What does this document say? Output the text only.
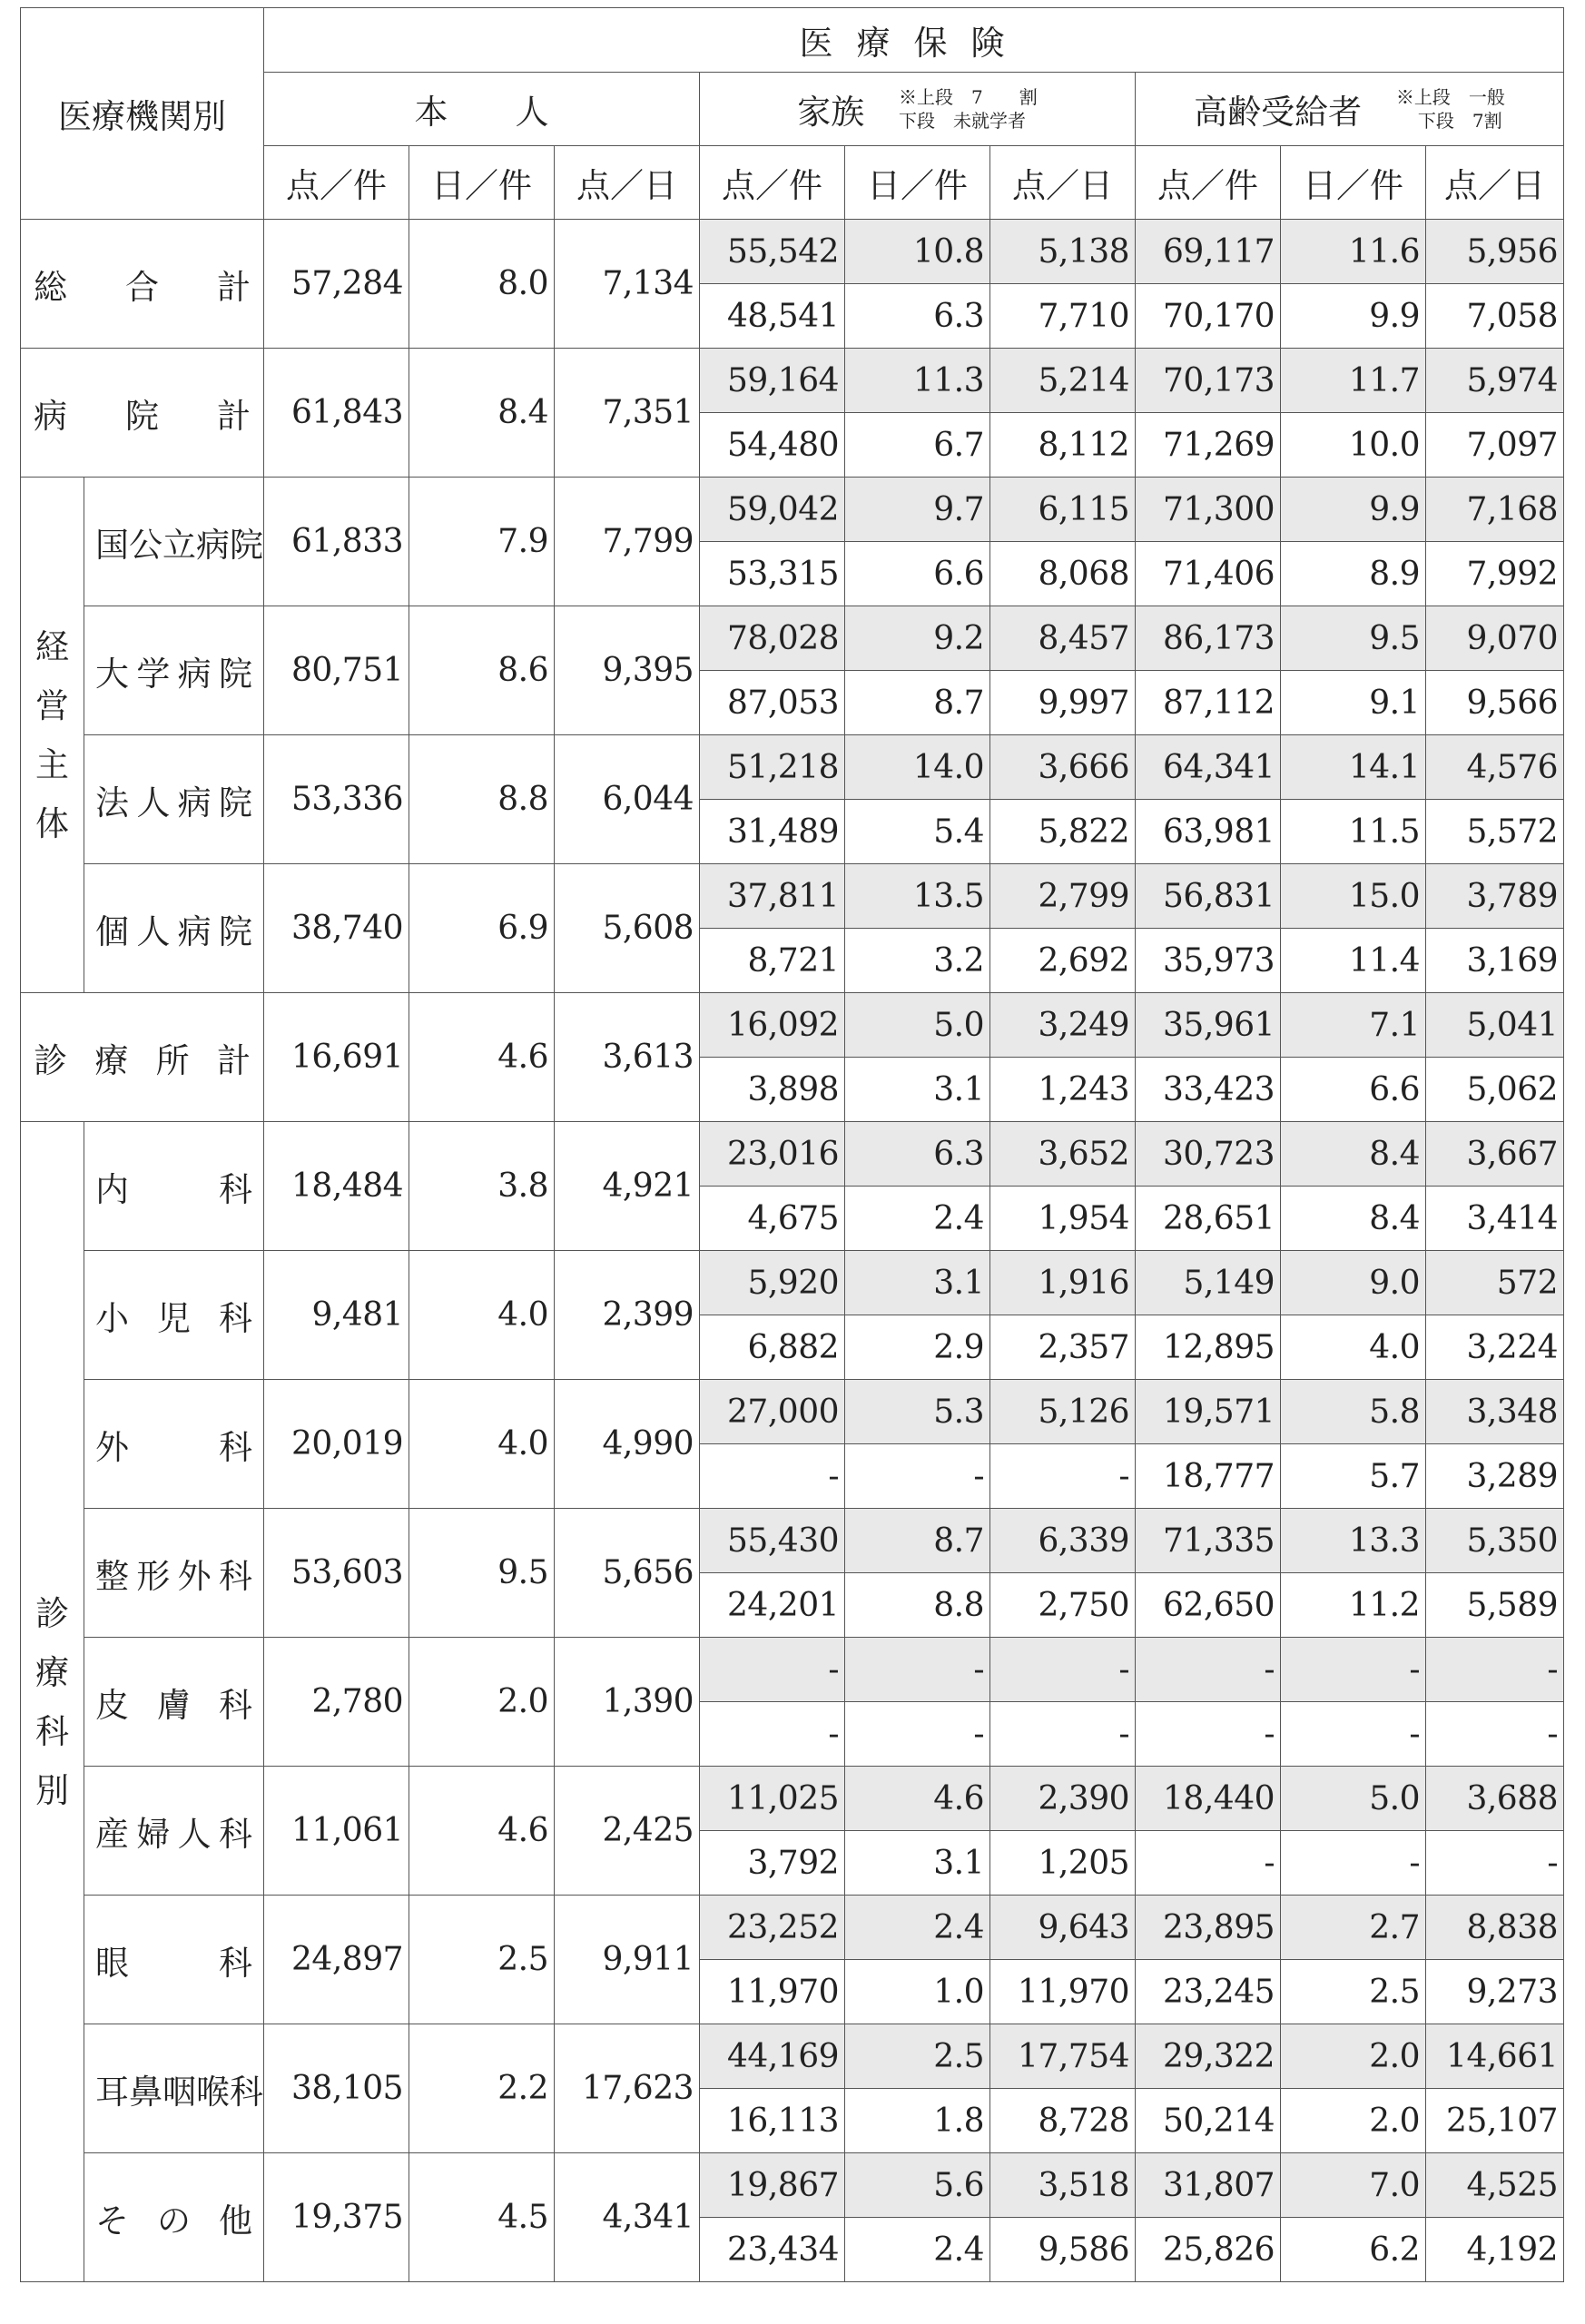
医療機関別		医療保険								
		本　　人			家族 ※上段　7　　割
下段　未就学者			高齢受給者 ※上段　一般
下段　7割		

		点／件	日／件	点／日	点／件	日／件	点／日	点／件	日／件	点／日
総合計		57,284	8.0	7,134	55,542	10.8	5,138	69,117	11.6	5,956
					48,541	6.3	7,710	70,170	9.9	7,058
病院計		61,843	8.4	7,351	59,164	11.3	5,214	70,173	11.7	5,974
					54,480	6.7	8,112	71,269	10.0	7,097

経
営
主
体	国公立病院	61,833	7.9	7,799	59,042	9.7	6,115	71,300	9.9	7,168
					53,315	6.6	8,068	71,406	8.9	7,992
	大学病院	80,751	8.6	9,395	78,028	9.2	8,457	86,173	9.5	9,070
					87,053	8.7	9,997	87,112	9.1	9,566
	法人病院	53,336	8.8	6,044	51,218	14.0	3,666	64,341	14.1	4,576
					31,489	5.4	5,822	63,981	11.5	5,572
	個人病院	38,740	6.9	5,608	37,811	13.5	2,799	56,831	15.0	3,789
					8,721	3.2	2,692	35,973	11.4	3,169
診療所計		16,691	4.6	3,613	16,092	5.0	3,249	35,961	7.1	5,041
					3,898	3.1	1,243	33,423	6.6	5,062

診
療
科
別	内科	18,484	3.8	4,921	23,016	6.3	3,652	30,723	8.4	3,667
					4,675	2.4	1,954	28,651	8.4	3,414
	小児科	9,481	4.0	2,399	5,920	3.1	1,916	5,149	9.0	572
					6,882	2.9	2,357	12,895	4.0	3,224
	外科	20,019	4.0	4,990	27,000	5.3	5,126	19,571	5.8	3,348
					-	-	-	18,777	5.7	3,289
	整形外科	53,603	9.5	5,656	55,430	8.7	6,339	71,335	13.3	5,350
					24,201	8.8	2,750	62,650	11.2	5,589
	皮膚科	2,780	2.0	1,390	-	-	-	-	-	-
					-	-	-	-	-	-
	産婦人科	11,061	4.6	2,425	11,025	4.6	2,390	18,440	5.0	3,688
					3,792	3.1	1,205	-	-	-
	眼科	24,897	2.5	9,911	23,252	2.4	9,643	23,895	2.7	8,838
					11,970	1.0	11,970	23,245	2.5	9,273
	耳鼻咽喉科	38,105	2.2	17,623	44,169	2.5	17,754	29,322	2.0	14,661
					16,113	1.8	8,728	50,214	2.0	25,107
	その他	19,375	4.5	4,341	19,867	5.6	3,518	31,807	7.0	4,525
					23,434	2.4	9,586	25,826	6.2	4,192
